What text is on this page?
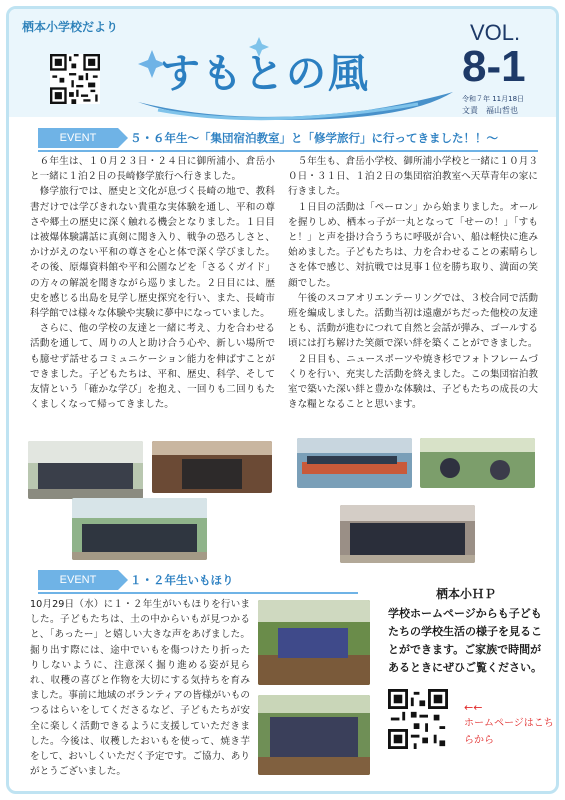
栖本小学校だより
すもとの風
VOL.
8-1
令和７年 11月18日
文責　福山哲也
EVENT	５・６年生～「集団宿泊教室」と「修学旅行」に行ってきました！！～

６年生は、１０月２３日・２４日に御所浦小、倉岳小と一緒に１泊２日の長崎修学旅行へ行きました。

修学旅行では、歴史と文化が息づく長崎の地で、教科書だけでは学びきれない貴重な実体験を通し、平和の尊さや郷土の歴史に深く触れる機会となりました。１日目は被爆体験講話に真剣に聞き入り、戦争の恐ろしさと、かけがえのない平和の尊さを心と体で深く学びました。その後、原爆資料館や平和公園などを「さるくガイド」の方々の解説を聞きながら巡りました。２日目には、歴史を感じる出島を見学し歴史探究を行い、また、長崎市科学館では様々な体験や実験に夢中になっていました。

さらに、他の学校の友達と一緒に考え、力を合わせる活動を通して、周りの人と助け合う心や、新しい場所でも臆せず話せるコミュニケーション能力を伸ばすことができました。子どもたちは、平和、歴史、科学、そして友情という「確かな学び」を抱え、一回りも二回りもたくましくなって帰ってきました。

５年生も、倉岳小学校、御所浦小学校と一緒に１０月３０日・３１日、１泊２日の集団宿泊教室へ天草青年の家に行きました。

１日目の活動は「ペーロン」から始まりました。オールを握りしめ、栖本っ子が一丸となって「せーの！」「すもと！」と声を掛け合ううちに呼吸が合い、船は軽快に進み始めました。子どもたちは、力を合わせることの素晴らしさを体で感じ、対抗戦では見事１位を勝ち取り、満面の笑顔でした。

午後のスコアオリエンテーリングでは、３校合同で活動班を編成しました。活動当初は遠慮がちだった他校の友達とも、活動が進むにつれて自然と会話が弾み、ゴールする頃には打ち解けた笑顔で深い絆を築くことができました。

２日目も、ニュースポーツや焼き杉でフォトフレームづくりを行い、充実した活動を終えました。この集団宿泊教室で築いた深い絆と豊かな体験は、子どもたちの成長の大きな糧となることと思います。

EVENT	１・２年生いもほり

10月29日（水）に１・２年生がいもほりを行いました。子どもたちは、土の中からいもが見つかると、「あったー」と嬉しい大きな声をあげました。掘り出す際には、途中でいもを傷つけたり折ったりしないように、注意深く掘り進める姿が見られ、収穫の喜びと作物を大切にする気持ちを育みました。事前に地域のボランティアの皆様がいものつるはらいをしてくださるなど、子どもたちが安全に楽しく活動できるように支援していただきました。今後は、収穫したおいもを使って、焼き芋をして、おいしくいただく予定です。ご協力、ありがとうございました。

栖本小ＨＰ
学校ホームページからも子どもたちの学校生活の様子を見ることができます。ご家族で時間があるときにぜひご覧ください。
←←
ホームページはこちらから
